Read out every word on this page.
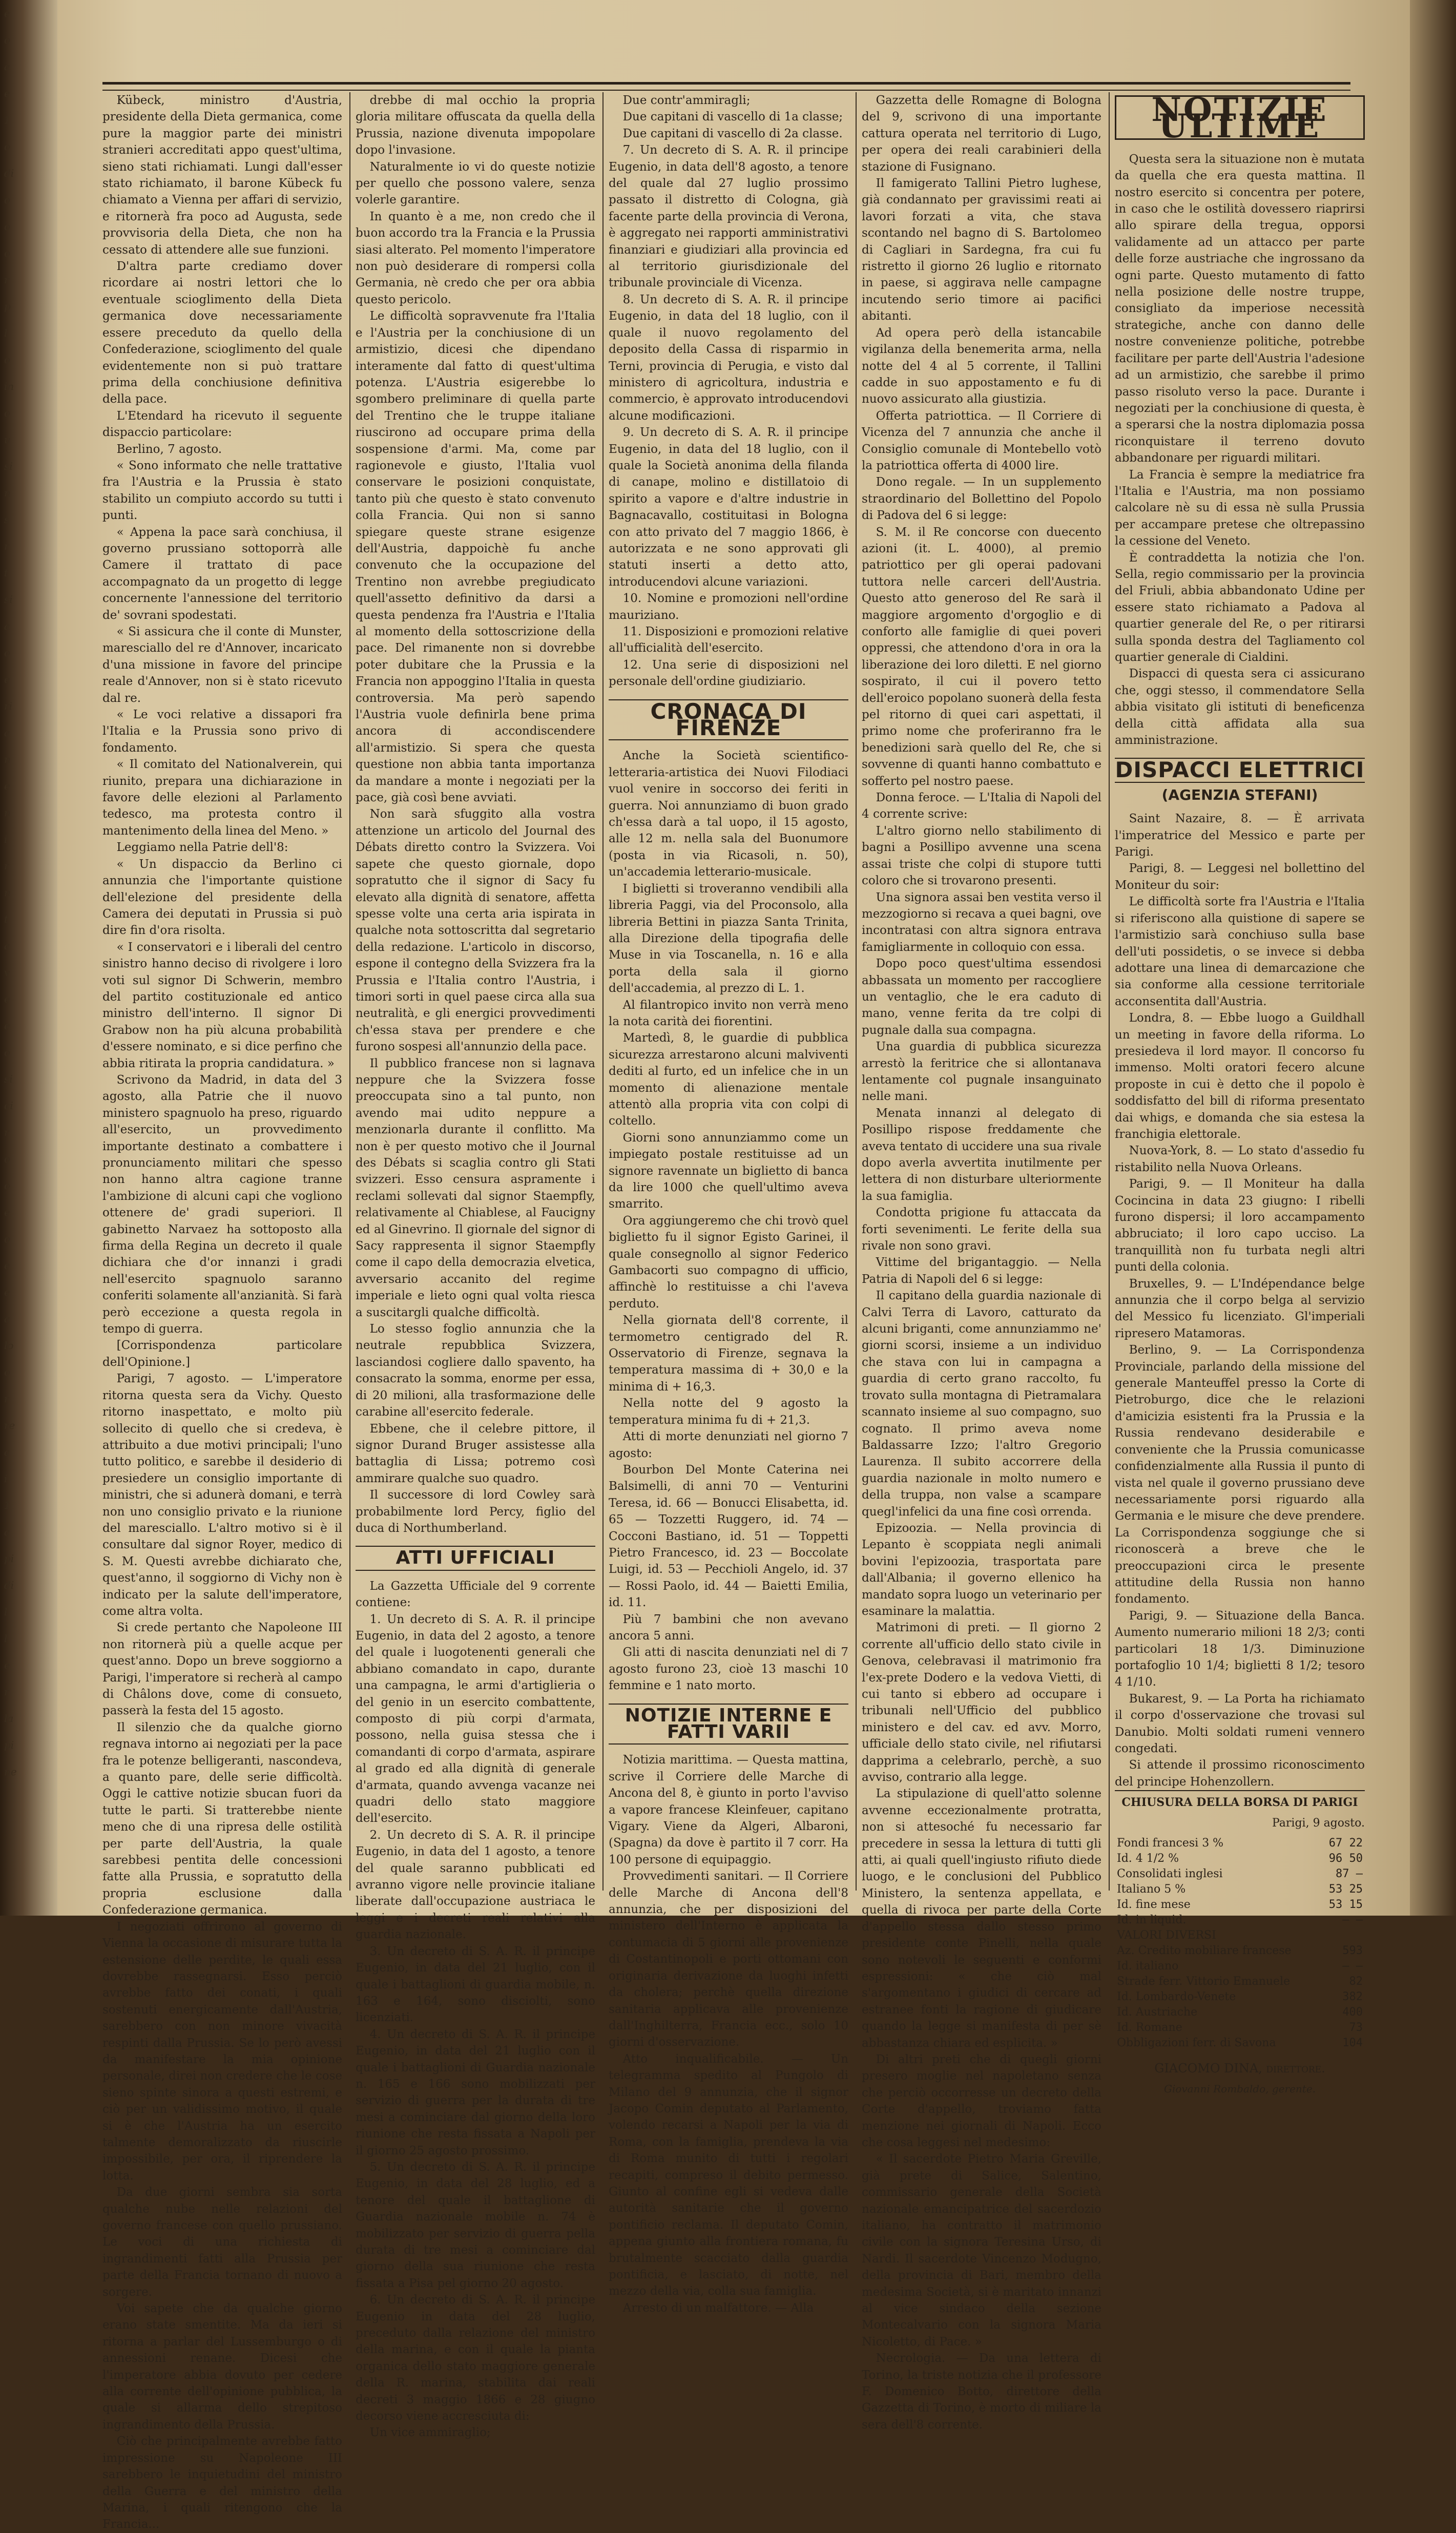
e
o
a
e
1
o
di
o
o
o
r
p
l
o
in
o
u
si
n
s
r
t
si
a
o
e
ri
a
n
e
n
i
r
n
t
a
v
e
e
o
si
ci
r
o
o
e
o
e
e
a
lo
o
r
re
a
i
1
a
pi
di
l
l
e
r
la
pi
ne

Kübeck, ministro d'Austria, presidente della Dieta germanica, come pure la maggior parte dei ministri stranieri accreditati appo quest'ultima, sieno stati richiamati. Lungi dall'esser stato richiamato, il barone Kübeck fu chiamato a Vienna per affari di servizio, e ritornerà fra poco ad Augusta, sede provvisoria della Dieta, che non ha cessato di attendere alle sue funzioni.

D'altra parte crediamo dover ricordare ai nostri lettori che lo eventuale scioglimento della Dieta germanica dove necessariamente essere preceduto da quello della Confederazione, scioglimento del quale evidentemente non si può trattare prima della conchiusione definitiva della pace.

L'Etendard ha ricevuto il seguente dispaccio particolare:

Berlino, 7 agosto.

« Sono informato che nelle trattative fra l'Austria e la Prussia è stato stabilito un compiuto accordo su tutti i punti.

« Appena la pace sarà conchiusa, il governo prussiano sottoporrà alle Camere il trattato di pace accompagnato da un progetto di legge concernente l'annessione del territorio de' sovrani spodestati.

« Si assicura che il conte di Munster, maresciallo del re d'Annover, incaricato d'una missione in favore del principe reale d'Annover, non si è stato ricevuto dal re.

« Le voci relative a dissapori fra l'Italia e la Prussia sono privo di fondamento.

« Il comitato del Nationalverein, qui riunito, prepara una dichiarazione in favore delle elezioni al Parlamento tedesco, ma protesta contro il mantenimento della linea del Meno. »

Leggiamo nella Patrie dell'8:

« Un dispaccio da Berlino ci annunzia che l'importante quistione dell'elezione del presidente della Camera dei deputati in Prussia si può dire fin d'ora risolta.

« I conservatori e i liberali del centro sinistro hanno deciso di rivolgere i loro voti sul signor Di Schwerin, membro del partito costituzionale ed antico ministro dell'interno. Il signor Di Grabow non ha più alcuna probabilità d'essere nominato, e si dice perfino che abbia ritirata la propria candidatura. »

Scrivono da Madrid, in data del 3 agosto, alla Patrie che il nuovo ministero spagnuolo ha preso, riguardo all'esercito, un provvedimento importante destinato a combattere i pronunciamento militari che spesso non hanno altra cagione tranne l'ambizione di alcuni capi che vogliono ottenere de' gradi superiori. Il gabinetto Narvaez ha sottoposto alla firma della Regina un decreto il quale dichiara che d'or innanzi i gradi nell'esercito spagnuolo saranno conferiti solamente all'anzianità. Si farà però eccezione a questa regola in tempo di guerra.

[Corrispondenza particolare dell'Opinione.]

Parigi, 7 agosto. — L'imperatore ritorna questa sera da Vichy. Questo ritorno inaspettato, e molto più sollecito di quello che si credeva, è attribuito a due motivi principali; l'uno tutto politico, e sarebbe il desiderio di presiedere un consiglio importante di ministri, che si adunerà domani, e terrà non uno consiglio privato e la riunione del maresciallo. L'altro motivo si è il consultare dal signor Royer, medico di S. M. Questi avrebbe dichiarato che, quest'anno, il soggiorno di Vichy non è indicato per la salute dell'imperatore, come altra volta.

Si crede pertanto che Napoleone III non ritornerà più a quelle acque per quest'anno. Dopo un breve soggiorno a Parigi, l'imperatore si recherà al campo di Châlons dove, come di consueto, passerà la festa del 15 agosto.

Il silenzio che da qualche giorno regnava intorno ai negoziati per la pace fra le potenze belligeranti, nascondeva, a quanto pare, delle serie difficoltà. Oggi le cattive notizie sbucan fuori da tutte le parti. Si tratterebbe niente meno che di una ripresa delle ostilità per parte dell'Austria, la quale sarebbesi pentita delle concessioni fatte alla Prussia, e sopratutto della propria esclusione dalla Confederazione germanica.

I negoziati offrirono al governo di Vienna la occasione di misurare tutta la estensione delle perdite, le quali essa dovrebbe rassegnarsi. Esso perciò avrebbe fatto dei conati, i quali sostenuti energicamente dall'Austria, sarebbero con non minore vivacità respinti dalla Prussia. Se lo però avessi da manifestare la mia opinione personale, direi non credere che le cose sieno spinte sinora a questi estremi, e ciò per un validissimo motivo, il quale si è che l'Austria ha un esercito talmente demoralizzato da riuscirle impossibile, per ora, il riprendere la lotta.

Da due giorni sembra sia sorta qualche nube nelle relazioni del governo francese con quello prussiano. Le voci di una richiesta di ingrandimenti fatti alla Prussia per parte della Francia tornano di nuovo a sorgere.

Voi sapete che da qualche giorno erano state smentite. Ma da ieri si ritorna a parlar del Lussemburgo o di annessioni renane. Dicesi che l'imperatore abbia dovuto per cedere alla corrente dell'opinione pubblica, la quale si allarma dello strepitoso ingrandimento della Prussia.

Ciò che principalmente avrebbe fatto impressione su Napoleone III sarebbero le inquietudini del ministro della Guerra e del ministro della Marina, i quali ritengono che la Francia...

drebbe di mal occhio la propria gloria militare offuscata da quella della Prussia, nazione divenuta impopolare dopo l'invasione.

Naturalmente io vi do queste notizie per quello che possono valere, senza volerle garantire.

In quanto è a me, non credo che il buon accordo tra la Francia e la Prussia siasi alterato. Pel momento l'imperatore non può desiderare di rompersi colla Germania, nè credo che per ora abbia questo pericolo.

Le difficoltà sopravvenute fra l'Italia e l'Austria per la conchiusione di un armistizio, dicesi che dipendano interamente dal fatto di quest'ultima potenza. L'Austria esigerebbe lo sgombero preliminare di quella parte del Trentino che le truppe italiane riuscirono ad occupare prima della sospensione d'armi. Ma, come par ragionevole e giusto, l'Italia vuol conservare le posizioni conquistate, tanto più che questo è stato convenuto colla Francia. Qui non si sanno spiegare queste strane esigenze dell'Austria, dappoichè fu anche convenuto che la occupazione del Trentino non avrebbe pregiudicato quell'assetto definitivo da darsi a questa pendenza fra l'Austria e l'Italia al momento della sottoscrizione della pace. Del rimanente non si dovrebbe poter dubitare che la Prussia e la Francia non appoggino l'Italia in questa controversia. Ma però sapendo l'Austria vuole definirla bene prima ancora di accondiscendere all'armistizio. Si spera che questa questione non abbia tanta importanza da mandare a monte i negoziati per la pace, già così bene avviati.

Non sarà sfuggito alla vostra attenzione un articolo del Journal des Débats diretto contro la Svizzera. Voi sapete che questo giornale, dopo sopratutto che il signor di Sacy fu elevato alla dignità di senatore, affetta spesse volte una certa aria ispirata in qualche nota sottoscritta dal segretario della redazione. L'articolo in discorso, espone il contegno della Svizzera fra la Prussia e l'Italia contro l'Austria, i timori sorti in quel paese circa alla sua neutralità, e gli energici provvedimenti ch'essa stava per prendere e che furono sospesi all'annunzio della pace.

Il pubblico francese non si lagnava neppure che la Svizzera fosse preoccupata sino a tal punto, non avendo mai udito neppure a menzionarla durante il conflitto. Ma non è per questo motivo che il Journal des Débats si scaglia contro gli Stati svizzeri. Esso censura aspramente i reclami sollevati dal signor Staempfly, relativamente al Chiablese, al Faucigny ed al Ginevrino. Il giornale del signor di Sacy rappresenta il signor Staempfly come il capo della democrazia elvetica, avversario accanito del regime imperiale e lieto ogni qual volta riesca a suscitargli qualche difficoltà.

Lo stesso foglio annunzia che la neutrale repubblica Svizzera, lasciandosi cogliere dallo spavento, ha consacrato la somma, enorme per essa, di 20 milioni, alla trasformazione delle carabine all'esercito federale.

Ebbene, che il celebre pittore, il signor Durand Bruger assistesse alla battaglia di Lissa; potremo così ammirare qualche suo quadro.

Il successore di lord Cowley sarà probabilmente lord Percy, figlio del duca di Northumberland.

ATTI UFFICIALI

La Gazzetta Ufficiale del 9 corrente contiene:

1. Un decreto di S. A. R. il principe Eugenio, in data del 2 agosto, a tenore del quale i luogotenenti generali che abbiano comandato in capo, durante una campagna, le armi d'artiglieria o del genio in un esercito combattente, composto di più corpi d'armata, possono, nella guisa stessa che i comandanti di corpo d'armata, aspirare al grado ed alla dignità di generale d'armata, quando avvenga vacanze nei quadri dello stato maggiore dell'esercito.

2. Un decreto di S. A. R. il principe Eugenio, in data del 1 agosto, a tenore del quale saranno pubblicati ed avranno vigore nelle provincie italiane liberate dall'occupazione austriaca le leggi e i decreti reali relativi alla guardia nazionale.

3. Un decreto di S. A. R. il principe Eugenio, in data del 21 luglio, con il quale i battaglioni di guardia mobile, n. 163 e 164, sono disciolti, sono licenziati.

4. Un decreto di S. A. R. il principe Eugenio, in data del 21 luglio con il quale i battaglioni di Guardia nazionale n. 165 e 166 sono mobilizzati per servizio di guerra per la durata di tre mesi a cominciare dal giorno della loro riunione che resta fissata a Napoli per il giorno 25 agosto prossimo.

5. Un decreto di S. A. R. il principe Eugenio, in data del 28 luglio, ed a tenore del quale il battaglione di Guardia nazionale mobile n. 74 è mobilizzato per servizio di guerra pella durata di tre mesi a cominciare dal giorno della sua riunione che resta fissata a Pisa pel giorno 20 agosto.

6. Un decreto di S. A. R. il principe Eugenio in data del 28 luglio, preceduto dalla relazione del ministro della marina, e con il quale la pianta organica dello stato maggiore generale della R. marina, stabilita dai reali decreti 3 maggio 1866 e 28 giugno decorso viene accresciuta di:

Un vice ammiraglio;

Due contr'ammiragli;

Due capitani di vascello di 1a classe;

Due capitani di vascello di 2a classe.

7. Un decreto di S. A. R. il principe Eugenio, in data dell'8 agosto, a tenore del quale dal 27 luglio prossimo passato il distretto di Cologna, già facente parte della provincia di Verona, è aggregato nei rapporti amministrativi finanziari e giudiziari alla provincia ed al territorio giurisdizionale del tribunale provinciale di Vicenza.

8. Un decreto di S. A. R. il principe Eugenio, in data del 18 luglio, con il quale il nuovo regolamento del deposito della Cassa di risparmio in Terni, provincia di Perugia, e visto dal ministero di agricoltura, industria e commercio, è approvato introducendovi alcune modificazioni.

9. Un decreto di S. A. R. il principe Eugenio, in data del 18 luglio, con il quale la Società anonima della filanda di canape, molino e distillatoio di spirito a vapore e d'altre industrie in Bagnacavallo, costituitasi in Bologna con atto privato del 7 maggio 1866, è autorizzata e ne sono approvati gli statuti inserti a detto atto, introducendovi alcune variazioni.

10. Nomine e promozioni nell'ordine mauriziano.

11. Disposizioni e promozioni relative all'ufficialità dell'esercito.

12. Una serie di disposizioni nel personale dell'ordine giudiziario.

CRONACA DI FIRENZE

Anche la Società scientifico-letteraria-artistica dei Nuovi Filodiaci vuol venire in soccorso dei feriti in guerra. Noi annunziamo di buon grado ch'essa darà a tal uopo, il 15 agosto, alle 12 m. nella sala del Buonumore (posta in via Ricasoli, n. 50), un'accademia letterario-musicale.

I biglietti si troveranno vendibili alla libreria Paggi, via del Proconsolo, alla libreria Bettini in piazza Santa Trinita, alla Direzione della tipografia delle Muse in via Toscanella, n. 16 e alla porta della sala il giorno dell'accademia, al prezzo di L. 1.

Al filantropico invito non verrà meno la nota carità dei fiorentini.

Martedì, 8, le guardie di pubblica sicurezza arrestarono alcuni malviventi dediti al furto, ed un infelice che in un momento di alienazione mentale attentò alla propria vita con colpi di coltello.

Giorni sono annunziammo come un impiegato postale restituisse ad un signore ravennate un biglietto di banca da lire 1000 che quell'ultimo aveva smarrito.

Ora aggiungeremo che chi trovò quel biglietto fu il signor Egisto Garinei, il quale consegnollo al signor Federico Gambacorti suo compagno di ufficio, affinchè lo restituisse a chi l'aveva perduto.

Nella giornata dell'8 corrente, il termometro centigrado del R. Osservatorio di Firenze, segnava la temperatura massima di + 30,0 e la minima di + 16,3.

Nella notte del 9 agosto la temperatura minima fu di + 21,3.

Atti di morte denunziati nel giorno 7 agosto:

Bourbon Del Monte Caterina nei Balsimelli, di anni 70 — Venturini Teresa, id. 66 — Bonucci Elisabetta, id. 65 — Tozzetti Ruggero, id. 74 — Cocconi Bastiano, id. 51 — Toppetti Pietro Francesco, id. 23 — Boccolate Luigi, id. 53 — Pecchioli Angelo, id. 37 — Rossi Paolo, id. 44 — Baietti Emilia, id. 11.

Più 7 bambini che non avevano ancora 5 anni.

Gli atti di nascita denunziati nel di 7 agosto furono 23, cioè 13 maschi 10 femmine e 1 nato morto.

NOTIZIE INTERNE E FATTI VARII

Notizia marittima. — Questa mattina, scrive il Corriere delle Marche di Ancona del 8, è giunto in porto l'avviso a vapore francese Kleinfeuer, capitano Vigary. Viene da Algeri, Albaroni, (Spagna) da dove è partito il 7 corr. Ha 100 persone di equipaggio.

Provvedimenti sanitari. — Il Corriere delle Marche di Ancona dell'8 annunzia, che per disposizioni del ministero dell'Interno è applicata la contumacia di 5 giorni alle provenienze di Costantinopoli e porti ottomani con originaria derivazione da luoghi infetti da cholera; perchè quella direzione sanitaria applicava alle provenienze dall'Inghilterra, Francia ecc., solo 10 giorni d'osservazione.

Atto inqualificabile. — Un telegramma spedito al Pungolo di Milano del 9 annunzia, che il signor Jacopo Comin deputato al Parlamento, volendo recarsi a Napoli per la via di Roma, con la famiglia, prendeva la via di Roma munito di tutti i regolari recapiti, compreso il debito permesso. Giunto al confine egli si vedeva dalle autorità sanitarie che il governo pontificio reclama. Il deputato Comin, appena giunto alla frontiera romana, fu brutalmente scacciato dalla guardia pontificia, e lasciato, di notte, nel mezzo della via, colla sua famiglia.

Arresto di un malfattore. — Alla

Gazzetta delle Romagne di Bologna del 9, scrivono di una importante cattura operata nel territorio di Lugo, per opera dei reali carabinieri della stazione di Fusignano.

Il famigerato Tallini Pietro lughese, già condannato per gravissimi reati ai lavori forzati a vita, che stava scontando nel bagno di S. Bartolomeo di Cagliari in Sardegna, fra cui fu ristretto il giorno 26 luglio e ritornato in paese, si aggirava nelle campagne incutendo serio timore ai pacifici abitanti.

Ad opera però della istancabile vigilanza della benemerita arma, nella notte del 4 al 5 corrente, il Tallini cadde in suo appostamento e fu di nuovo assicurato alla giustizia.

Offerta patriottica. — Il Corriere di Vicenza del 7 annunzia che anche il Consiglio comunale di Montebello votò la patriottica offerta di 4000 lire.

Dono regale. — In un supplemento straordinario del Bollettino del Popolo di Padova del 6 si legge:

S. M. il Re concorse con duecento azioni (it. L. 4000), al premio patriottico per gli operai padovani tuttora nelle carceri dell'Austria. Questo atto generoso del Re sarà il maggiore argomento d'orgoglio e di conforto alle famiglie di quei poveri oppressi, che attendono d'ora in ora la liberazione dei loro diletti. E nel giorno sospirato, il cui il povero tetto dell'eroico popolano suonerà della festa pel ritorno di quei cari aspettati, il primo nome che proferiranno fra le benedizioni sarà quello del Re, che si sovvenne di quanti hanno combattuto e sofferto pel nostro paese.

Donna feroce. — L'Italia di Napoli del 4 corrente scrive:

L'altro giorno nello stabilimento di bagni a Posillipo avvenne una scena assai triste che colpi di stupore tutti coloro che si trovarono presenti.

Una signora assai ben vestita verso il mezzogiorno si recava a quei bagni, ove incontratasi con altra signora entrava famigliarmente in colloquio con essa.

Dopo poco quest'ultima essendosi abbassata un momento per raccogliere un ventaglio, che le era caduto di mano, venne ferita da tre colpi di pugnale dalla sua compagna.

Una guardia di pubblica sicurezza arrestò la feritrice che si allontanava lentamente col pugnale insanguinato nelle mani.

Menata innanzi al delegato di Posillipo rispose freddamente che aveva tentato di uccidere una sua rivale dopo averla avvertita inutilmente per lettera di non disturbare ulteriormente la sua famiglia.

Condotta prigione fu attaccata da forti sevenimenti. Le ferite della sua rivale non sono gravi.

Vittime del brigantaggio. — Nella Patria di Napoli del 6 si legge:

Il capitano della guardia nazionale di Calvi Terra di Lavoro, catturato da alcuni briganti, come annunziammo ne' giorni scorsi, insieme a un individuo che stava con lui in campagna a guardia di certo grano raccolto, fu trovato sulla montagna di Pietramalara scannato insieme al suo compagno, suo cognato. Il primo aveva nome Baldassarre Izzo; l'altro Gregorio Laurenza. Il subito accorrere della guardia nazionale in molto numero e della truppa, non valse a scampare quegl'infelici da una fine così orrenda.

Epizoozia. — Nella provincia di Lepanto è scoppiata negli animali bovini l'epizoozia, trasportata pare dall'Albania; il governo ellenico ha mandato sopra luogo un veterinario per esaminare la malattia.

Matrimoni di preti. — Il giorno 2 corrente all'ufficio dello stato civile in Genova, celebravasi il matrimonio fra l'ex-prete Dodero e la vedova Vietti, di cui tanto si ebbero ad occupare i tribunali nell'Ufficio del pubblico ministero e del cav. ed avv. Morro, ufficiale dello stato civile, nel rifiutarsi dapprima a celebrarlo, perchè, a suo avviso, contrario alla legge.

La stipulazione di quell'atto solenne avvenne eccezionalmente protratta, non si attesoché fu necessario far precedere in sessa la lettura di tutti gli atti, ai quali quell'ingiusto rifiuto diede luogo, e le conclusioni del Pubblico Ministero, la sentenza appellata, e quella di rivoca per parte della Corte d'appello stessa dallo stesso primo presidente conte Pinelli, nella quale sono notevoli le seguenti e conformi espressioni: « che ciò mal s'argomentano i giudici di cercare ad estranee fonti la ragione di giudicare quando la legge si manifesta di per sè abbastanza chiara ed esplicita. »

Di altri preti che di quegli giorni presero moglie nel napoletano senza che perciò occorresse un decreto della Corte d'appello, troviamo fatta menzione nei giornali di Napoli. Ecco che cosa leggesi nel medesimo:

« Il sacerdote Pietro Maria Greville, già prete di Salice, Salentino, commissario generale della Società nazionale emancipatrice del sacerdozio italiano, ha contratto il matrimonio civile con la signora Teresina Urso, di Nardi. Il sacerdote Vincenzo Modugno, della provincia di Bari, membro della medesima Società, si è maritato innanzi al vice sindaco della sezione Montecalvario con la signora Maria Nicoletto, di Pace. »

Necrologia. — Da una lettera di Torino, la triste notizia che il professore F. Domenico Botto, direttore della Gazzetta di Torino, è morto di miliare la sera dell'8 corrente.

NOTIZIE ULTIME

Questa sera la situazione non è mutata da quella che era questa mattina. Il nostro esercito si concentra per potere, in caso che le ostilità dovessero riaprirsi allo spirare della tregua, opporsi validamente ad un attacco per parte delle forze austriache che ingrossano da ogni parte. Questo mutamento di fatto nella posizione delle nostre truppe, consigliato da imperiose necessità strategiche, anche con danno delle nostre convenienze politiche, potrebbe facilitare per parte dell'Austria l'adesione ad un armistizio, che sarebbe il primo passo risoluto verso la pace. Durante i negoziati per la conchiusione di questa, è a sperarsi che la nostra diplomazia possa riconquistare il terreno dovuto abbandonare per riguardi militari.

La Francia è sempre la mediatrice fra l'Italia e l'Austria, ma non possiamo calcolare nè su di essa nè sulla Prussia per accampare pretese che oltrepassino la cessione del Veneto.

È contraddetta la notizia che l'on. Sella, regio commissario per la provincia del Friuli, abbia abbandonato Udine per essere stato richiamato a Padova al quartier generale del Re, o per ritirarsi sulla sponda destra del Tagliamento col quartier generale di Cialdini.

Dispacci di questa sera ci assicurano che, oggi stesso, il commendatore Sella abbia visitato gli istituti di beneficenza della città affidata alla sua amministrazione.

DISPACCI ELETTRICI
(AGENZIA STEFANI)

Saint Nazaire, 8. — È arrivata l'imperatrice del Messico e parte per Parigi.

Parigi, 8. — Leggesi nel bollettino del Moniteur du soir:

Le difficoltà sorte fra l'Austria e l'Italia si riferiscono alla quistione di sapere se l'armistizio sarà conchiuso sulla base dell'uti possidetis, o se invece si debba adottare una linea di demarcazione che sia conforme alla cessione territoriale acconsentita dall'Austria.

Londra, 8. — Ebbe luogo a Guildhall un meeting in favore della riforma. Lo presiedeva il lord mayor. Il concorso fu immenso. Molti oratori fecero alcune proposte in cui è detto che il popolo è soddisfatto del bill di riforma presentato dai whigs, e domanda che sia estesa la franchigia elettorale.

Nuova-York, 8. — Lo stato d'assedio fu ristabilito nella Nuova Orleans.

Parigi, 9. — Il Moniteur ha dalla Cocincina in data 23 giugno: I ribelli furono dispersi; il loro accampamento abbruciato; il loro capo ucciso. La tranquillità non fu turbata negli altri punti della colonia.

Bruxelles, 9. — L'Indépendance belge annunzia che il corpo belga al servizio del Messico fu licenziato. Gl'imperiali ripresero Matamoras.

Berlino, 9. — La Corrispondenza Provinciale, parlando della missione del generale Manteuffel presso la Corte di Pietroburgo, dice che le relazioni d'amicizia esistenti fra la Prussia e la Russia rendevano desiderabile e conveniente che la Prussia comunicasse confidenzialmente alla Russia il punto di vista nel quale il governo prussiano deve necessariamente porsi riguardo alla Germania e le misure che deve prendere. La Corrispondenza soggiunge che si riconoscerà a breve che le preoccupazioni circa le presente attitudine della Russia non hanno fondamento.

Parigi, 9. — Situazione della Banca. Aumento numerario milioni 18 2/3; conti particolari 18 1/3. Diminuzione portafoglio 10 1/4; biglietti 8 1/2; tesoro 4 1/10.

Bukarest, 9. — La Porta ha richiamato il corpo d'osservazione che trovasi sul Danubio. Molti soldati rumeni vennero congedati.

Si attende il prossimo riconoscimento del principe Hohenzollern.

CHIUSURA DELLA BORSA DI PARIGI
Parigi, 9 agosto.
Fondi francesi 3 %	67 22
Id. 4 1/2 %	96 50
Consolidati inglesi	87 —
Italiano 5 %	53 25
Id. fine mese	53 15
Id. in liquid.	— —
VALORI DIVERSI	
Az. Credito mobiliare francese	593
Id. italiano	— —
Strade ferr. Vittorio Emanuele	82
Id. Lombardo-Venete	382
Id. Austriache	400
Id. Romane	73
Obbligazioni ferr. di Savona	104
GIACOMO DINA, direttore.
Giovanni Rombaldo, gerente.
